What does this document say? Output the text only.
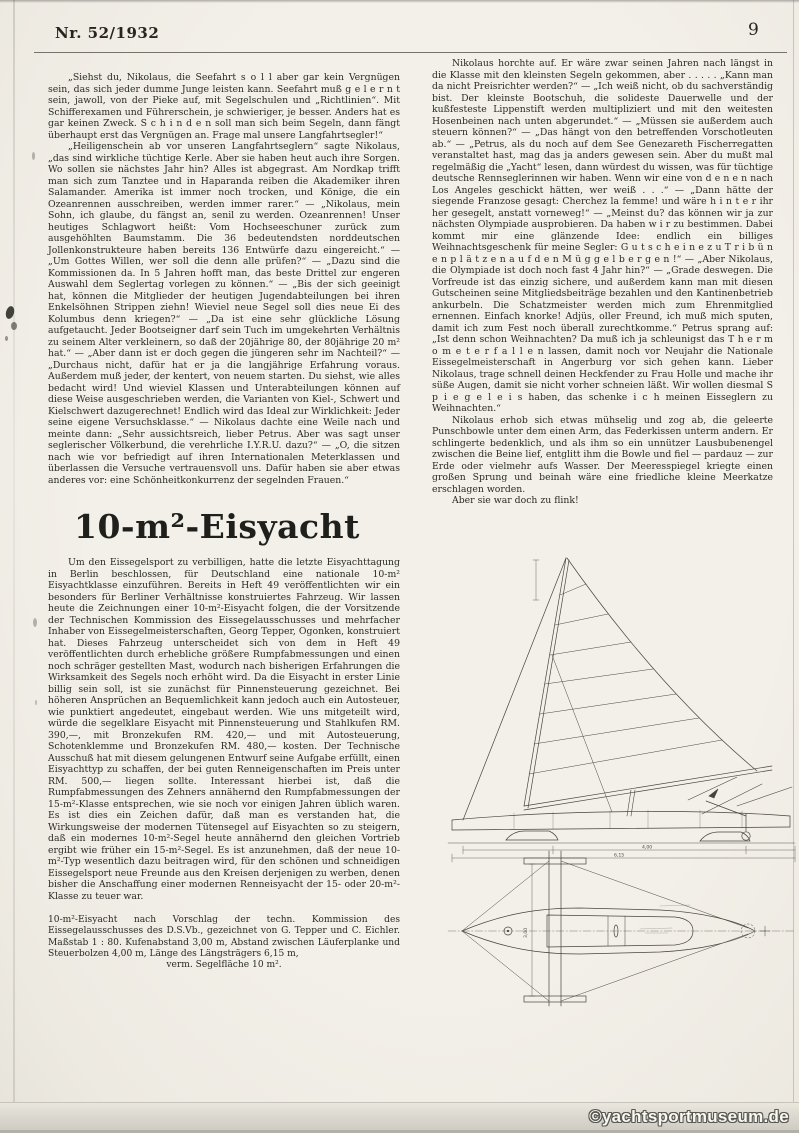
Nr. 52/1932	9

„Siehst du, Nikolaus, die Seefahrt s o l l aber gar kein Vergnügen sein, das sich jeder dumme Junge leisten kann. Seefahrt muß g e l e r n t sein, jawoll, von der Pieke auf, mit Segelschulen und „Richtlinien“. Mit Schifferexamen und Führerschein, je schwieriger, je besser. Anders hat es gar keinen Zweck. S c h i n d e n soll man sich beim Segeln, dann fängt überhaupt erst das Vergnügen an. Frage mal unsere Langfahrtsegler!“

„Heiligenschein ab vor unseren Langfahrtseglern“ sagte Nikolaus, „das sind wirkliche tüchtige Kerle. Aber sie haben heut auch ihre Sorgen. Wo sollen sie nächstes Jahr hin? Alles ist abgegrast. Am Nordkap trifft man sich zum Tanztee und in Haparanda reiben die Akademiker ihren Salamander. Amerika ist immer noch trocken, und Könige, die ein Ozeanrennen ausschreiben, werden immer rarer.“ — „Nikolaus, mein Sohn, ich glaube, du fängst an, senil zu werden. Ozeanrennen! Unser heutiges Schlagwort heißt: Vom Hochseeschuner zurück zum ausgehöhlten Baumstamm. Die 36 bedeutendsten norddeutschen Jollenkonstrukteure haben bereits 136 Entwürfe dazu eingereicht.“ — „Um Gottes Willen, wer soll die denn alle prüfen?“ — „Dazu sind die Kommissionen da. In 5 Jahren hofft man, das beste Drittel zur engeren Auswahl dem Seglertag vorlegen zu können.“ — „Bis der sich geeinigt hat, können die Mitglieder der heutigen Jugendabteilungen bei ihren Enkelsöhnen Strippen ziehn! Wieviel neue Segel soll dies neue Ei des Kolumbus denn kriegen?“ — „Da ist eine sehr glückliche Lösung aufgetaucht. Jeder Bootseigner darf sein Tuch im umgekehrten Verhältnis zu seinem Alter verkleinern, so daß der 20jährige 80, der 80jährige 20 m² hat.“ — „Aber dann ist er doch gegen die jüngeren sehr im Nachteil?“ — „Durchaus nicht, dafür hat er ja die langjährige Erfahrung voraus. Außerdem muß jeder, der kentert, von neuem starten. Du siehst, wie alles bedacht wird! Und wieviel Klassen und Unterabteilungen können auf diese Weise ausgeschrieben werden, die Varianten von Kiel-, Schwert und Kielschwert dazugerechnet! Endlich wird das Ideal zur Wirklichkeit: Jeder seine eigene Versuchsklasse.“ — Nikolaus dachte eine Weile nach und meinte dann: „Sehr aussichtsreich, lieber Petrus. Aber was sagt unser seglerischer Völkerbund, die verehrliche I.Y.R.U. dazu?“ — „O, die sitzen nach wie vor befriedigt auf ihren Internationalen Meterklassen und überlassen die Versuche vertrauensvoll uns. Dafür haben sie aber etwas anderes vor: eine Schönheitkonkurrenz der segelnden Frauen.“

10-m²-Eisyacht

Um den Eissegelsport zu verbilligen, hatte die letzte Eisyachttagung in Berlin beschlossen, für Deutschland eine nationale 10-m² Eisyachtklasse einzuführen. Bereits in Heft 49 veröffentlichten wir ein besonders für Berliner Verhältnisse konstruiertes Fahrzeug. Wir lassen heute die Zeichnungen einer 10-m²-Eisyacht folgen, die der Vorsitzende der Technischen Kommission des Eissegelausschusses und mehrfacher Inhaber von Eissegelmeisterschaften, Georg Tepper, Ogonken, konstruiert hat. Dieses Fahrzeug unterscheidet sich von dem in Heft 49 veröffentlichten durch erhebliche größere Rumpfabmessungen und einen noch schräger gestellten Mast, wodurch nach bisherigen Erfahrungen die Wirksamkeit des Segels noch erhöht wird. Da die Eisyacht in erster Linie billig sein soll, ist sie zunächst für Pinnensteuerung gezeichnet. Bei höheren Ansprüchen an Bequemlichkeit kann jedoch auch ein Autosteuer, wie punktiert angedeutet, eingebaut werden. Wie uns mitgeteilt wird, würde die segelklare Eisyacht mit Pinnensteuerung und Stahlkufen RM. 390,—, mit Bronzekufen RM. 420,— und mit Autosteuerung, Schotenklemme und Bronzekufen RM. 480,— kosten. Der Technische Ausschuß hat mit diesem gelungenen Entwurf seine Aufgabe erfüllt, einen Eisyachttyp zu schaffen, der bei guten Renneigenschaften im Preis unter RM. 500,— liegen sollte. Interessant hierbei ist, daß die Rumpfabmessungen des Zehners annähernd den Rumpfabmessungen der 15-m²-Klasse entsprechen, wie sie noch vor einigen Jahren üblich waren. Es ist dies ein Zeichen dafür, daß man es verstanden hat, die Wirkungsweise der modernen Tütensegel auf Eisyachten so zu steigern, daß ein modernes 10-m²-Segel heute annähernd den gleichen Vortrieb ergibt wie früher ein 15-m²-Segel. Es ist anzunehmen, daß der neue 10-m²-Typ wesentlich dazu beitragen wird, für den schönen und schneidigen Eissegelsport neue Freunde aus den Kreisen derjenigen zu werben, denen bisher die Anschaffung einer modernen Renneisyacht der 15- oder 20-m²-Klasse zu teuer war.

10-m²-Eisyacht nach Vorschlag der techn. Kommission des Eissegelausschusses des D.S.Vb., gezeichnet von G. Tepper und C. Eichler. Maßstab 1 : 80. Kufenabstand 3,00 m, Abstand zwischen Läuferplanke und Steuerbolzen 4,00 m, Länge des Längsträgers 6,15 m,

verm. Segelfläche 10 m².

Nikolaus horchte auf. Er wäre zwar seinen Jahren nach längst in die Klasse mit den kleinsten Segeln gekommen, aber . . . . . „Kann man da nicht Preisrichter werden?“ — „Ich weiß nicht, ob du sachverständig bist. Der kleinste Bootschuh, die solideste Dauerwelle und der kußfesteste Lippenstift werden multipliziert und mit den weitesten Hosenbeinen nach unten abgerundet.“ — „Müssen sie außerdem auch steuern können?“ — „Das hängt von den betreffenden Vorschotleuten ab.“ — „Petrus, als du noch auf dem See Genezareth Fischerregatten veranstaltet hast, mag das ja anders gewesen sein. Aber du mußt mal regelmäßig die „Yacht“ lesen, dann würdest du wissen, was für tüchtige deutsche Rennseglerinnen wir haben. Wenn wir eine von d e n e n nach Los Angeles geschickt hätten, wer weiß . . .“ — „Dann hätte der siegende Franzose gesagt: Cherchez la femme! und wäre h i n t e r ihr her gesegelt, anstatt vorneweg!“ — „Meinst du? das können wir ja zur nächsten Olympiade ausprobieren. Da haben w i r zu bestimmen. Dabei kommt mir eine glänzende Idee: endlich ein billiges Weihnachtsgeschenk für meine Segler: G u t s c h e i n e z u T r i b ü n e n p l ä t z e n a u f d e n M ü g g e l b e r g e n !“ — „Aber Nikolaus, die Olympiade ist doch noch fast 4 Jahr hin?“ — „Grade deswegen. Die Vorfreude ist das einzig sichere, und außerdem kann man mit diesen Gutscheinen seine Mitgliedsbeiträge bezahlen und den Kantinenbetrieb ankurbeln. Die Schatzmeister werden mich zum Ehrenmitglied ernennen. Einfach knorke! Adjüs, oller Freund, ich muß mich sputen, damit ich zum Fest noch überall zurechtkomme.“ Petrus sprang auf: „Ist denn schon Weihnachten? Da muß ich ja schleunigst das T h e r m o m e t e r f a l l e n lassen, damit noch vor Neujahr die Nationale Eissegelmeisterschaft in Angerburg vor sich gehen kann. Lieber Nikolaus, trage schnell deinen Heckfender zu Frau Holle und mache ihr süße Augen, damit sie nicht vorher schneien läßt. Wir wollen diesmal S p i e g e l e i s haben, das schenke i c h meinen Eisseglern zu Weihnachten.“

Nikolaus erhob sich etwas mühselig und zog ab, die geleerte Punschbowle unter dem einen Arm, das Federkissen unterm andern. Er schlingerte bedenklich, und als ihm so ein unnützer Lausbubenengel zwischen die Beine lief, entglitt ihm die Bowle und fiel — pardauz — zur Erde oder vielmehr aufs Wasser. Der Meeresspiegel kriegte einen großen Sprung und beinah wäre eine friedliche kleine Meerkatze erschlagen worden.

Aber sie war doch zu flink!

4,00
6,15
3,00
©yachtsportmuseum.de
